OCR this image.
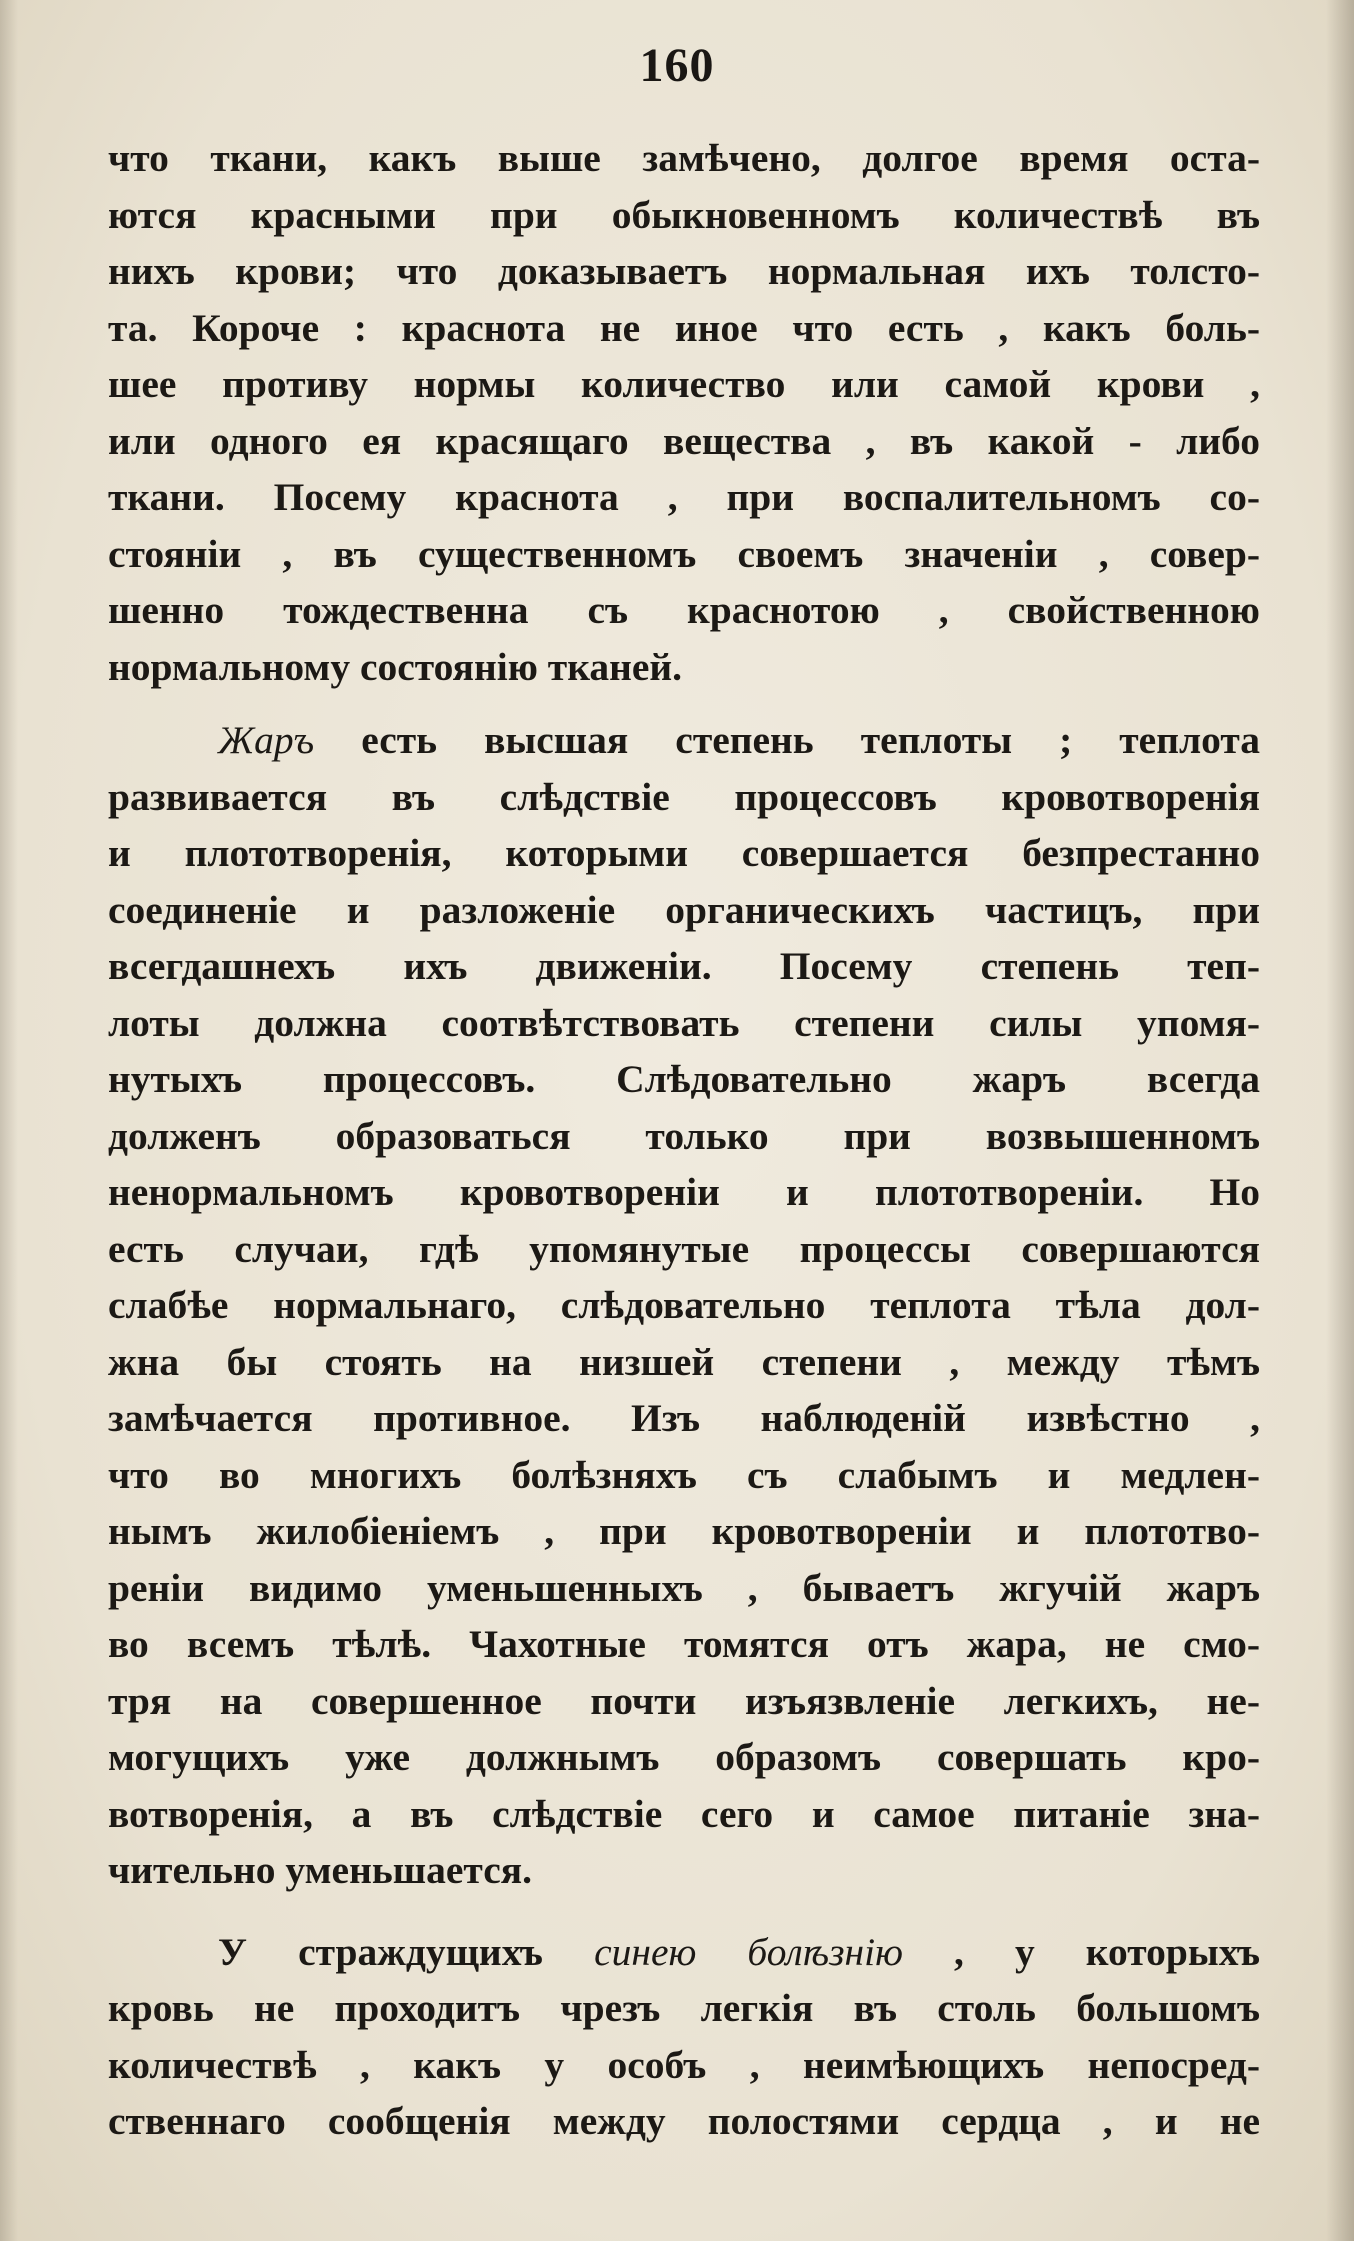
160
что ткани, какъ выше замѣчено, долгое время оста-
ются красными при обыкновенномъ количествѣ въ
нихъ крови; что доказываетъ нормальная ихъ толсто-
та. Короче : краснота не иное что есть , какъ боль-
шее противу нормы количество или самой крови ,
или одного ея красящаго вещества , въ какой - либо
ткани. Посему краснота , при воспалительномъ со-
стояніи , въ существенномъ своемъ значеніи , совер-
шенно тождественна съ краснотою , свойственною
нормальному состоянію тканей.
Жаръ есть высшая степень теплоты ; теплота
развивается въ слѣдствіе процессовъ кровотворенія
и плототворенія, которыми совершается безпрестанно
соединеніе и разложеніе органическихъ частицъ, при
всегдашнехъ ихъ движеніи. Посему степень теп-
лоты должна соотвѣтствовать степени силы упомя-
нутыхъ процессовъ. Слѣдовательно жаръ всегда
долженъ образоваться только при возвышенномъ
ненормальномъ кровотвореніи и плототвореніи. Но
есть случаи, гдѣ упомянутые процессы совершаются
слабѣе нормальнаго, слѣдовательно теплота тѣла дол-
жна бы стоять на низшей степени , между тѣмъ
замѣчается противное. Изъ наблюденій извѣстно ,
что во многихъ болѣзняхъ съ слабымъ и медлен-
нымъ жилобіеніемъ , при кровотвореніи и плототво-
реніи видимо уменьшенныхъ , бываетъ жгучій жаръ
во всемъ тѣлѣ. Чахотные томятся отъ жара, не смо-
тря на совершенное почти изъязвленіе легкихъ, не-
могущихъ уже должнымъ образомъ совершать кро-
вотворенія, а въ слѣдствіе сего и самое питаніе зна-
чительно уменьшается.
У страждущихъ синею болѣзнію , у которыхъ
кровь не проходитъ чрезъ легкія въ столь большомъ
количествѣ , какъ у особъ , неимѣющихъ непосред-
ственнаго сообщенія между полостями сердца , и не
